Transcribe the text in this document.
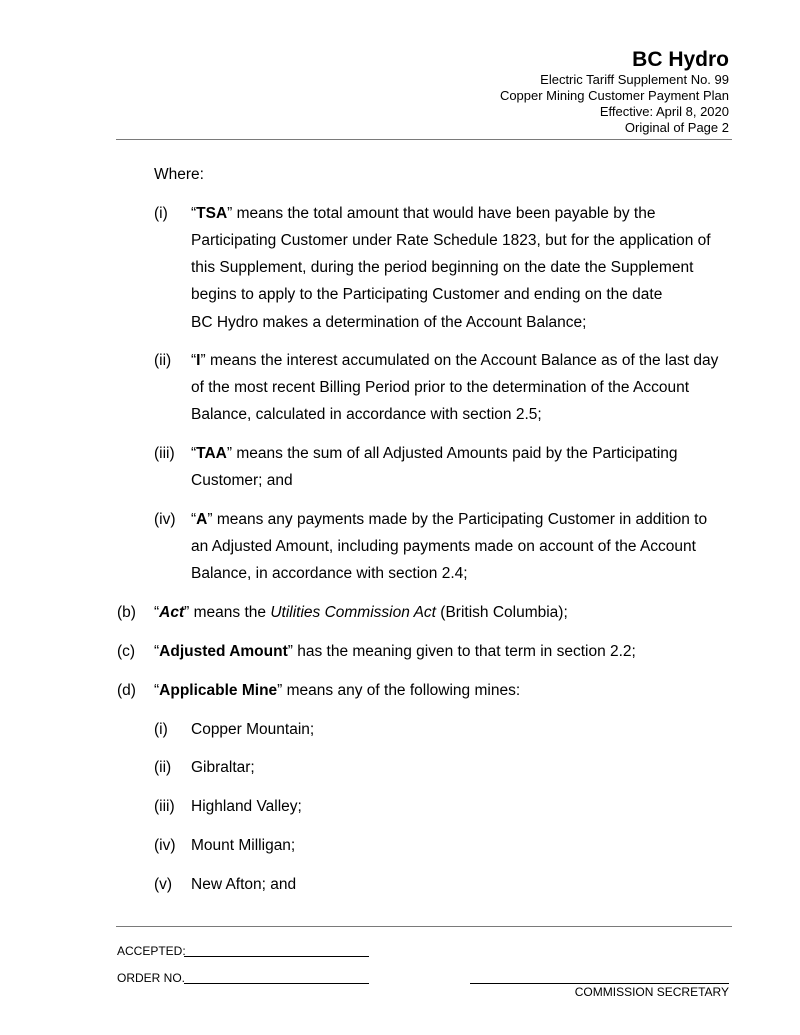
BC Hydro
Electric Tariff Supplement No. 99
Copper Mining Customer Payment Plan
Effective: April 8, 2020
Original of Page 2
Where:
(i) “TSA” means the total amount that would have been payable by the
Participating Customer under Rate Schedule 1823, but for the application of
this Supplement, during the period beginning on the date the Supplement
begins to apply to the Participating Customer and ending on the date
BC Hydro makes a determination of the Account Balance;
(ii) “I” means the interest accumulated on the Account Balance as of the last day
of the most recent Billing Period prior to the determination of the Account
Balance, calculated in accordance with section 2.5;
(iii) “TAA” means the sum of all Adjusted Amounts paid by the Participating
Customer; and
(iv) “A” means any payments made by the Participating Customer in addition to
an Adjusted Amount, including payments made on account of the Account
Balance, in accordance with section 2.4;
(b) “Act” means the Utilities Commission Act (British Columbia);
(c) “Adjusted Amount” has the meaning given to that term in section 2.2;
(d) “Applicable Mine” means any of the following mines:
(i) Copper Mountain;
(ii) Gibraltar;
(iii) Highland Valley;
(iv) Mount Milligan;
(v) New Afton; and
ACCEPTED:
ORDER NO.
COMMISSION SECRETARY
